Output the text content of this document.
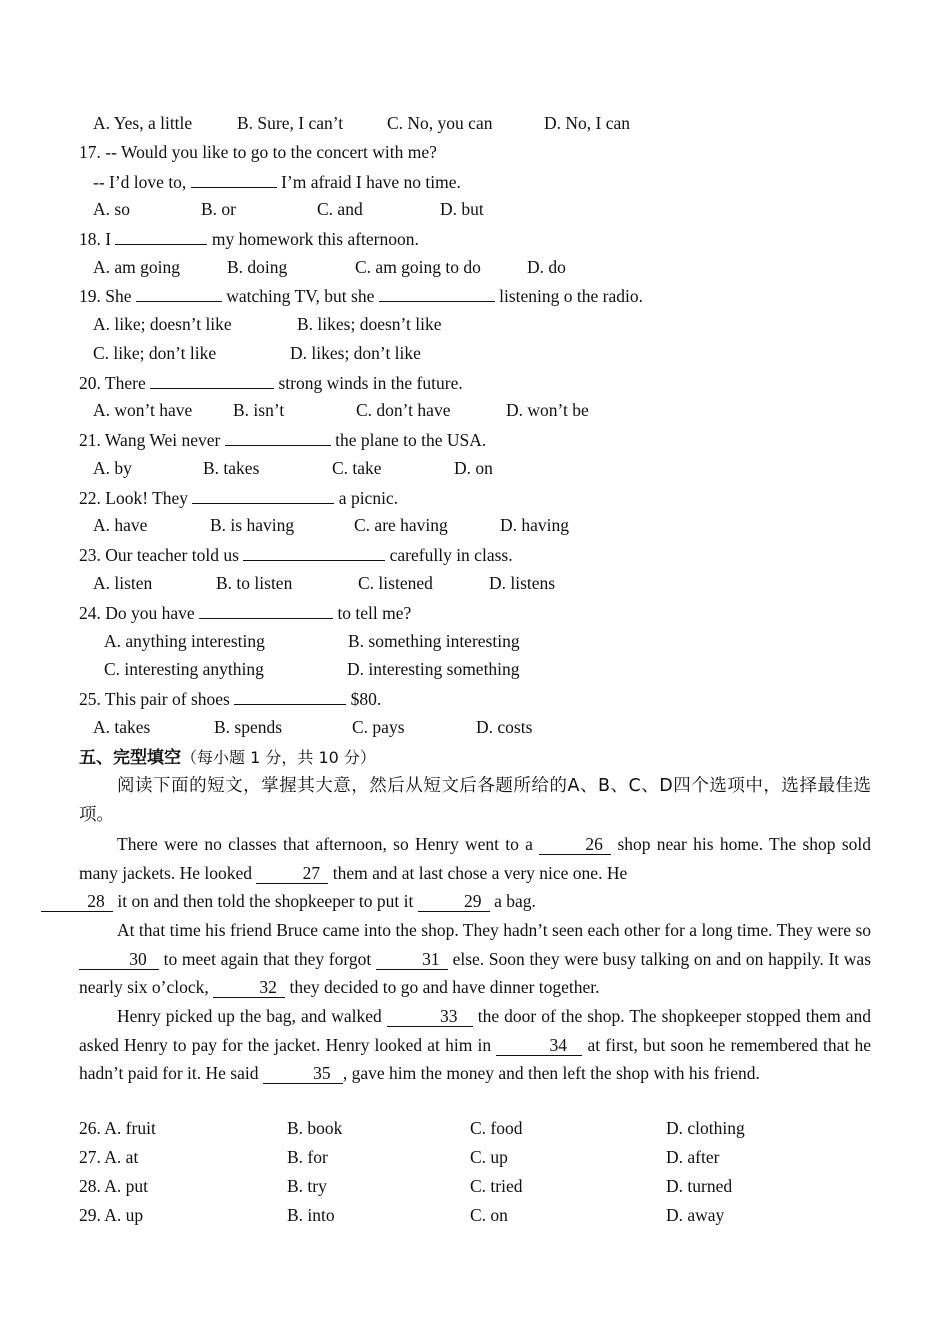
A. Yes, a little	B. Sure, I can’t	C. No, you can	D. No, I can
17. -- Would you like to go to the concert with me?
-- I’d love to,	I’m afraid I have no time.
A. so	B. or	C. and	D. but
18. I	my homework this afternoon.
A. am going	B. doing	C. am going to do	D. do
19. She	watching TV, but she	listening o the radio.
A. like; doesn’t like	B. likes; doesn’t like
C. like; don’t like	D. likes; don’t like
20. There	strong winds in the future.
A. won’t have B. isn’t	C. don’t have	D. won’t be
21. Wang Wei never	the plane to the USA.
A. by	B. takes	C. take	D. on
22. Look! They	a picnic.
A. have	B. is having	C. are having	D. having
23. Our teacher told us	carefully in class.
A. listen	B. to listen	C. listened	D. listens
24. Do you have	to tell me?
A. anything interesting	B. something interesting
C. interesting anything	D. interesting something
25. This pair of shoes	$80.
A. takes	B. spends	C. pays	D. costs
五、完型填空（每小题 1 分，共 10 分）
阅读下面的短文，掌握其大意，然后从短文后各题所给的A、B、C、D四个选项中，选择最佳选项。
There were no classes that afternoon, so Henry went to a	26 shop near his home. The shop sold many jackets. He looked	27 them and at last chose a very nice one. He
28 it on and then told the shopkeeper to put it	29 a bag.
At that time his friend Bruce came into the shop. They hadn’t seen each other for a long time. They were so 30 to meet again that they forgot	31 else. Soon they were busy talking on and on happily. It was nearly six o’clock,	32 they decided to go and have dinner together.
Henry picked up the bag, and walked	33 the door of the shop. The shopkeeper stopped them and asked Henry to pay for the jacket. Henry looked at him in	34 at first, but soon he remembered that he hadn’t paid for it. He said	35 , gave him the money and then left the shop with his friend.
26. A. fruit	B. book	C. food	D. clothing
27. A. at	B. for	C. up	D. after
28. A. put	B. try	C. tried	D. turned
29. A. up	B. into	C. on	D. away
